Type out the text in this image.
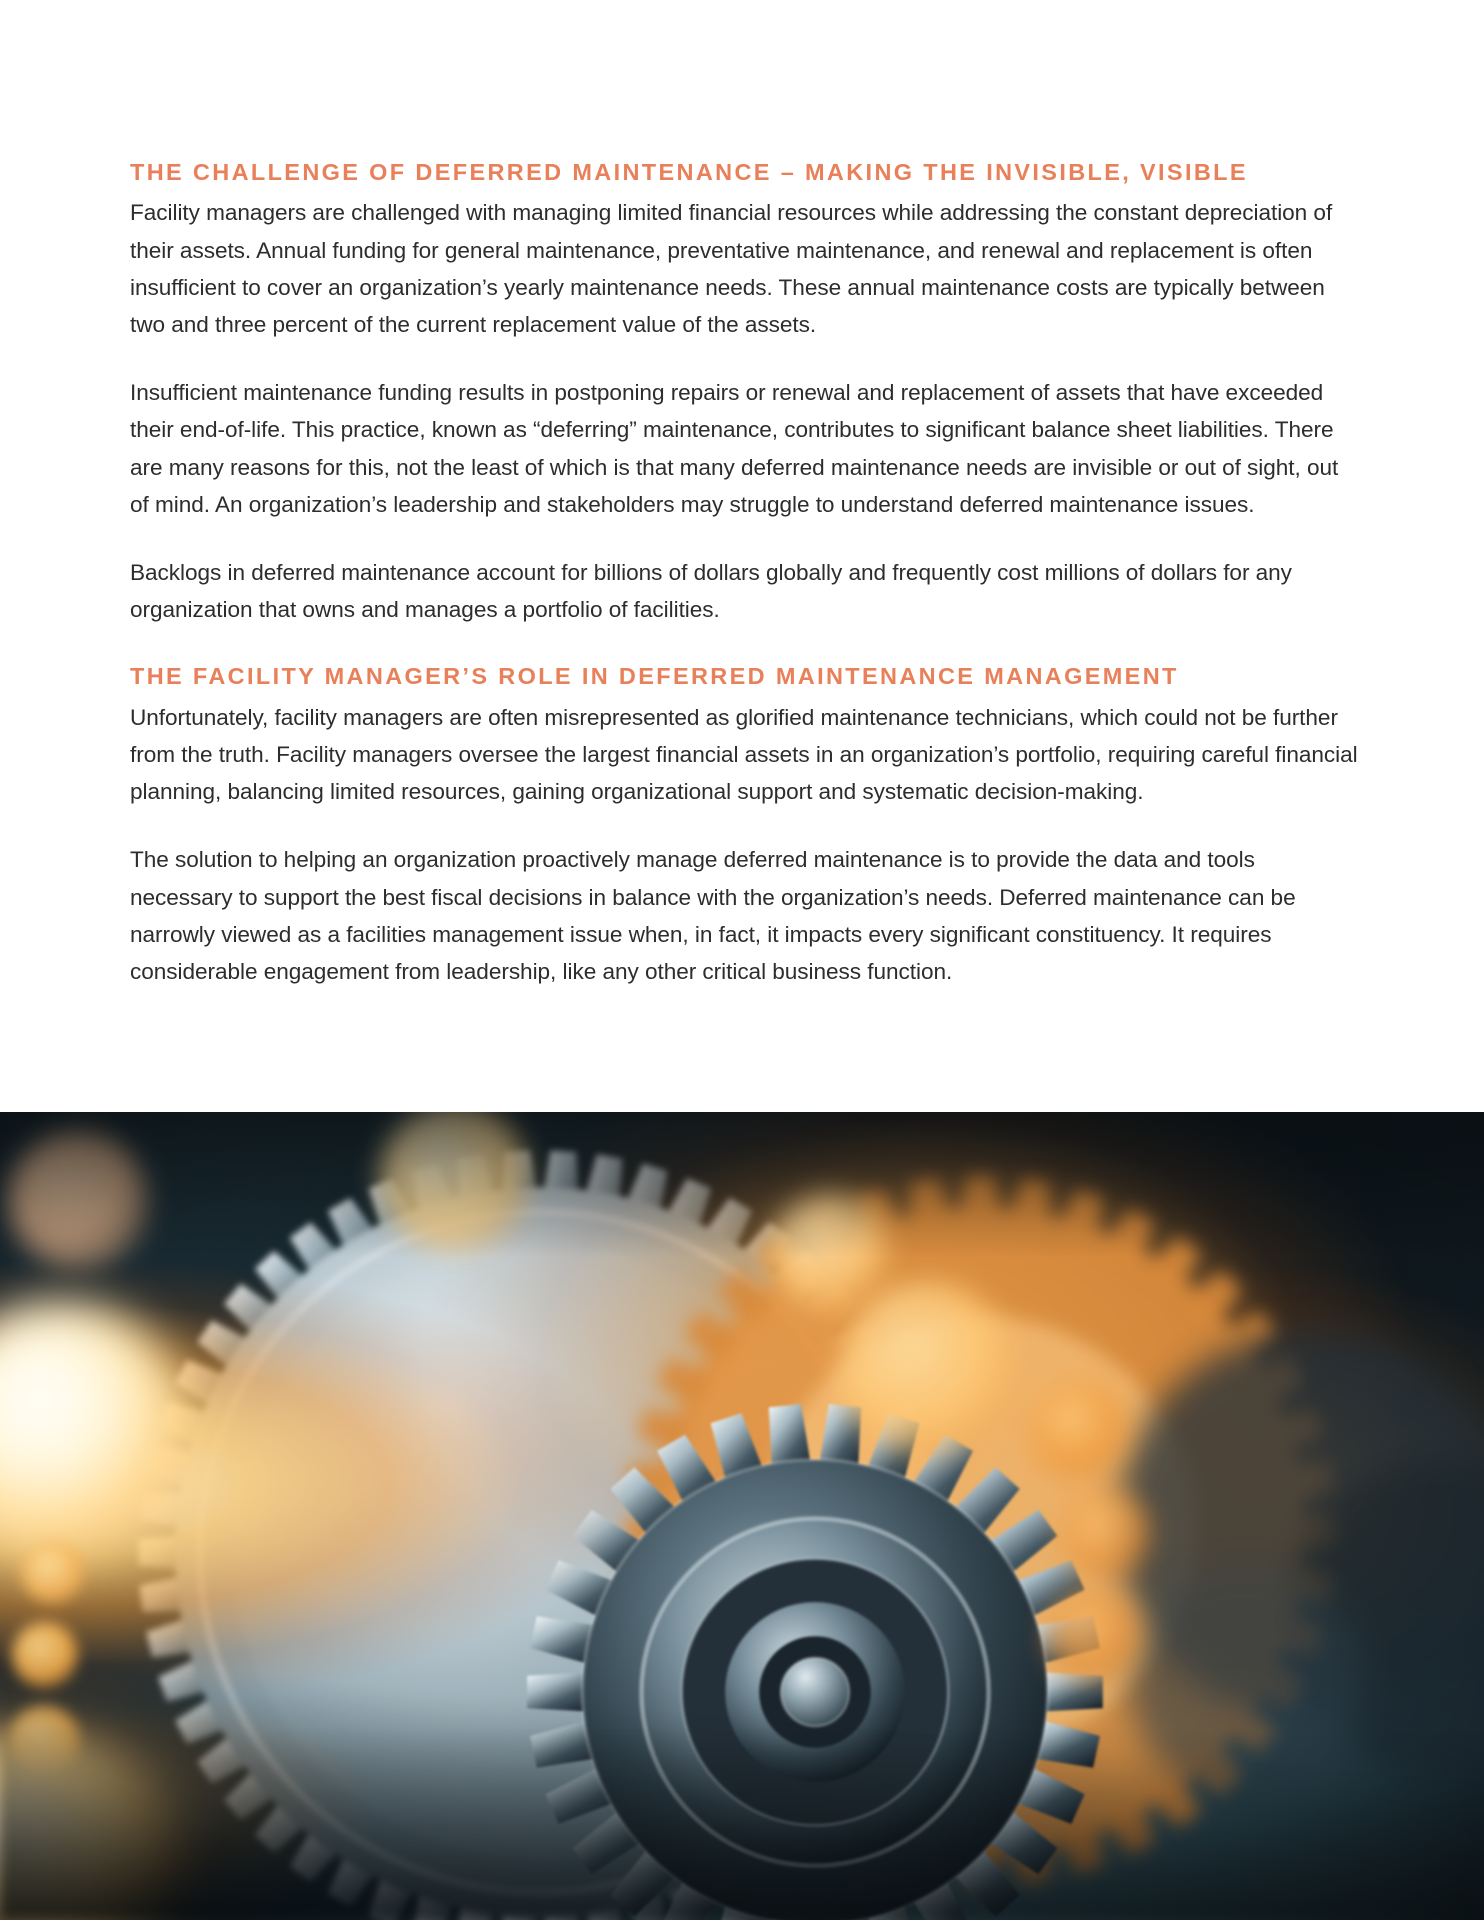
THE CHALLENGE OF DEFERRED MAINTENANCE – MAKING THE INVISIBLE, VISIBLE

Facility managers are challenged with managing limited financial resources while addressing the constant depreciation of their assets. Annual funding for general maintenance, preventative maintenance, and renewal and replacement is often insufficient to cover an organization’s yearly maintenance needs. These annual maintenance costs are typically between two and three percent of the current replacement value of the assets.

Insufficient maintenance funding results in postponing repairs or renewal and replacement of assets that have exceeded their end-of-life. This practice, known as “deferring” maintenance, contributes to significant balance sheet liabilities. There are many reasons for this, not the least of which is that many deferred maintenance needs are invisible or out of sight, out of mind. An organization’s leadership and stakeholders may struggle to understand deferred maintenance issues.

Backlogs in deferred maintenance account for billions of dollars globally and frequently cost millions of dollars for any organization that owns and manages a portfolio of facilities.

THE FACILITY MANAGER’S ROLE IN DEFERRED MAINTENANCE MANAGEMENT

Unfortunately, facility managers are often misrepresented as glorified maintenance technicians, which could not be further from the truth. Facility managers oversee the largest financial assets in an organization’s portfolio, requiring careful financial planning, balancing limited resources, gaining organizational support and systematic decision-making.

The solution to helping an organization proactively manage deferred maintenance is to provide the data and tools necessary to support the best fiscal decisions in balance with the organization’s needs. Deferred maintenance can be narrowly viewed as a facilities management issue when, in fact, it impacts every significant constituency. It requires considerable engagement from leadership, like any other critical business function.
